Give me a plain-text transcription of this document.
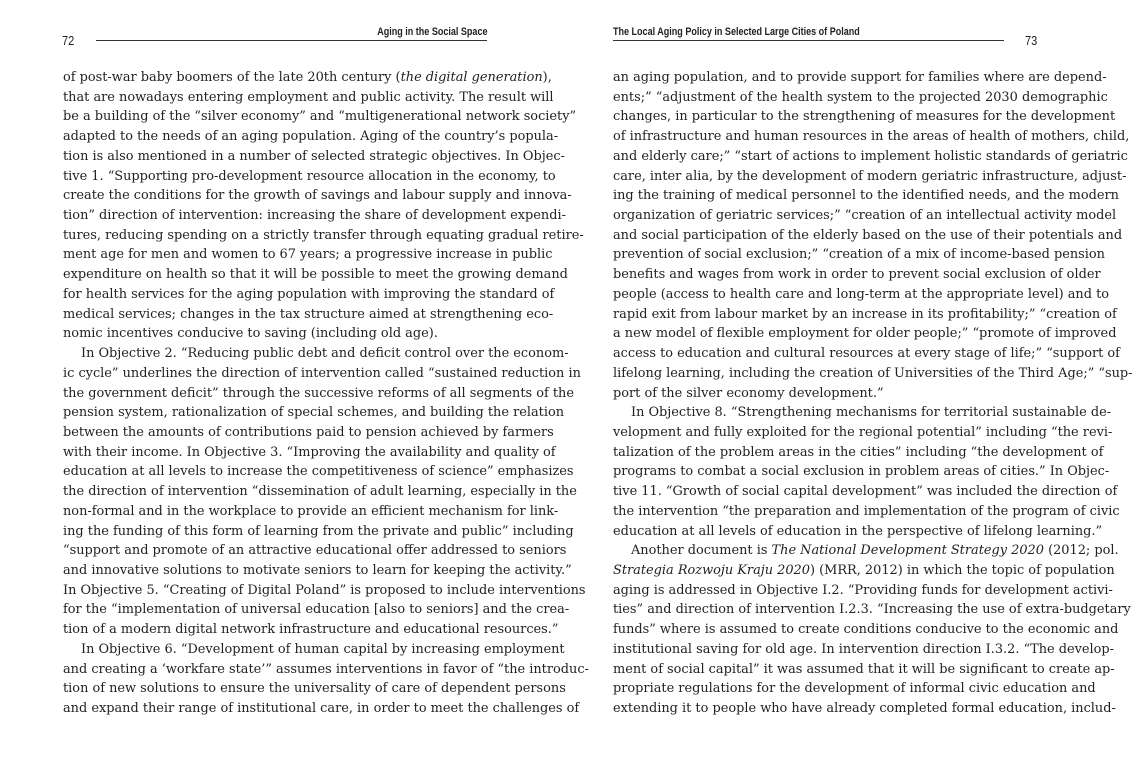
72
Aging in the Social Space
of post-war baby boomers of the late 20th century (the digital generation),
that are nowadays entering employment and public activity. The result will
be a building of the “silver economy” and “multigenerational network society”
adapted to the needs of an aging population. Aging of the country’s popula-
tion is also mentioned in a number of selected strategic objectives. In Objec-
tive 1. “Supporting pro-development resource allocation in the economy, to
create the conditions for the growth of savings and labour supply and innova-
tion” direction of intervention: increasing the share of development expendi-
tures, reducing spending on a strictly transfer through equating gradual retire-
ment age for men and women to 67 years; a progressive increase in public
expenditure on health so that it will be possible to meet the growing demand
for health services for the aging population with improving the standard of
medical services; changes in the tax structure aimed at strengthening eco-
nomic incentives conducive to saving (including old age).
In Objective 2. “Reducing public debt and deficit control over the econom-
ic cycle” underlines the direction of intervention called “sustained reduction in
the government deficit” through the successive reforms of all segments of the
pension system, rationalization of special schemes, and building the relation
between the amounts of contributions paid to pension achieved by farmers
with their income. In Objective 3. “Improving the availability and quality of
education at all levels to increase the competitiveness of science” emphasizes
the direction of intervention “dissemination of adult learning, especially in the
non-formal and in the workplace to provide an efficient mechanism for link-
ing the funding of this form of learning from the private and public” including
“support and promote of an attractive educational offer addressed to seniors
and innovative solutions to motivate seniors to learn for keeping the activity.”
In Objective 5. “Creating of Digital Poland” is proposed to include interventions
for the “implementation of universal education [also to seniors] and the crea-
tion of a modern digital network infrastructure and educational resources.”
In Objective 6. “Development of human capital by increasing employment
and creating a ‘workfare state’” assumes interventions in favor of “the introduc-
tion of new solutions to ensure the universality of care of dependent persons
and expand their range of institutional care, in order to meet the challenges of
73
The Local Aging Policy in Selected Large Cities of Poland
an aging population, and to provide support for families where are depend-
ents;” “adjustment of the health system to the projected 2030 demographic
changes, in particular to the strengthening of measures for the development
of infrastructure and human resources in the areas of health of mothers, child,
and elderly care;” “start of actions to implement holistic standards of geriatric
care, inter alia, by the development of modern geriatric infrastructure, adjust-
ing the training of medical personnel to the identified needs, and the modern
organization of geriatric services;” “creation of an intellectual activity model
and social participation of the elderly based on the use of their potentials and
prevention of social exclusion;” “creation of a mix of income-based pension
benefits and wages from work in order to prevent social exclusion of older
people (access to health care and long-term at the appropriate level) and to
rapid exit from labour market by an increase in its profitability;” “creation of
a new model of flexible employment for older people;” “promote of improved
access to education and cultural resources at every stage of life;” “support of
lifelong learning, including the creation of Universities of the Third Age;” “sup-
port of the silver economy development.”
In Objective 8. “Strengthening mechanisms for territorial sustainable de-
velopment and fully exploited for the regional potential” including “the revi-
talization of the problem areas in the cities” including “the development of
programs to combat a social exclusion in problem areas of cities.” In Objec-
tive 11. “Growth of social capital development” was included the direction of
the intervention “the preparation and implementation of the program of civic
education at all levels of education in the perspective of lifelong learning.”
Another document is The National Development Strategy 2020 (2012; pol.
Strategia Rozwoju Kraju 2020) (MRR, 2012) in which the topic of population
aging is addressed in Objective I.2. “Providing funds for development activi-
ties” and direction of intervention I.2.3. “Increasing the use of extra-budgetary
funds” where is assumed to create conditions conducive to the economic and
institutional saving for old age. In intervention direction I.3.2. “The develop-
ment of social capital” it was assumed that it will be significant to create ap-
propriate regulations for the development of informal civic education and
extending it to people who have already completed formal education, includ-
